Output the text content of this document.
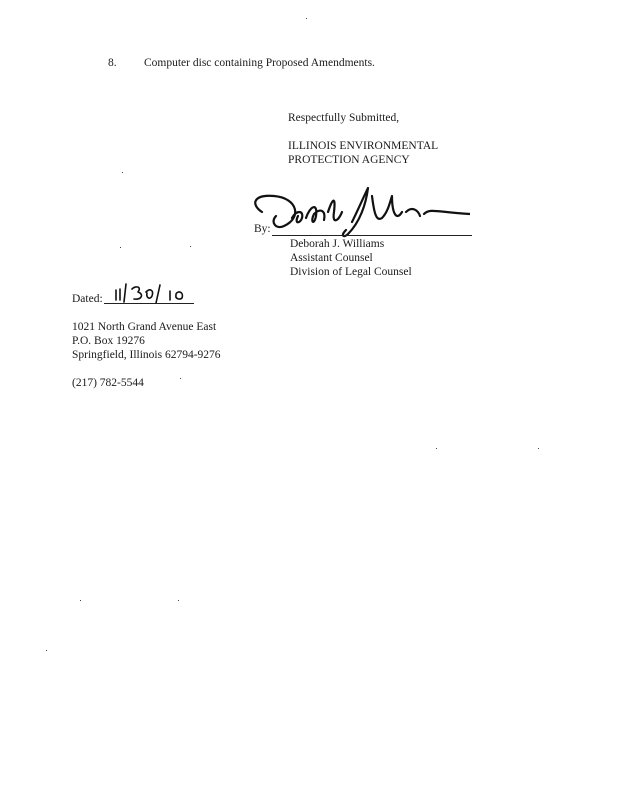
8. Computer disc containing Proposed Amendments.
Respectfully Submitted,
ILLINOIS ENVIRONMENTAL
PROTECTION AGENCY
By:
Deborah J. Williams
Assistant Counsel
Division of Legal Counsel
Dated:
1021 North Grand Avenue East
P.O. Box 19276
Springfield, Illinois 62794-9276
(217) 782-5544
